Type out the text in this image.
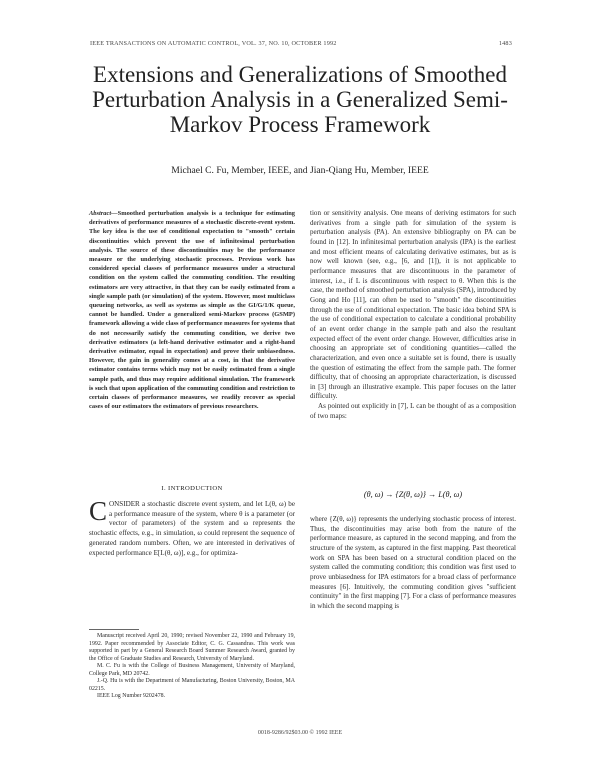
IEEE TRANSACTIONS ON AUTOMATIC CONTROL, VOL. 37, NO. 10, OCTOBER 1992	1483
Extensions and Generalizations of Smoothed Perturbation Analysis in a Generalized Semi-Markov Process Framework
Michael C. Fu, Member, IEEE, and Jian-Qiang Hu, Member, IEEE
Abstract—Smoothed perturbation analysis is a technique for estimating derivatives of performance measures of a stochastic discrete-event system. The key idea is the use of conditional expectation to "smooth" certain discontinuities which prevent the use of infinitesimal perturbation analysis. The source of these discontinuities may be the performance measure or the underlying stochastic processes. Previous work has considered special classes of performance measures under a structural condition on the system called the commuting condition. The resulting estimators are very attractive, in that they can be easily estimated from a single sample path (or simulation) of the system. However, most multiclass queueing networks, as well as systems as simple as the GI/G/1/K queue, cannot be handled. Under a generalized semi-Markov process (GSMP) framework allowing a wide class of performance measures for systems that do not necessarily satisfy the commuting condition, we derive two derivative estimators (a left-hand derivative estimator and a right-hand derivative estimator, equal in expectation) and prove their unbiasedness. However, the gain in generality comes at a cost, in that the derivative estimator contains terms which may not be easily estimated from a single sample path, and thus may require additional simulation. The framework is such that upon application of the commuting condition and restriction to certain classes of performance measures, we readily recover as special cases of our estimators the estimators of previous researchers.
I. INTRODUCTION
CONSIDER a stochastic discrete event system, and let L(θ, ω) be a performance measure of the system, where θ is a parameter (or vector of parameters) of the system and ω represents the stochastic effects, e.g., in simulation, ω could represent the sequence of generated random numbers. Often, we are interested in derivatives of expected performance E[L(θ, ω)], e.g., for optimiza-

Manuscript received April 20, 1990; revised November 22, 1990 and February 19, 1992. Paper recommended by Associate Editor, C. G. Cassandras. This work was supported in part by a General Research Board Summer Research Award, granted by the Office of Graduate Studies and Research, University of Maryland.

M. C. Fu is with the College of Business Management, University of Maryland, College Park, MD 20742.

J.-Q. Hu is with the Department of Manufacturing, Boston University, Boston, MA 02215.

IEEE Log Number 9202478.

tion or sensitivity analysis. One means of deriving estimators for such derivatives from a single path for simulation of the system is perturbation analysis (PA). An extensive bibliography on PA can be found in [12]. In infinitesimal perturbation analysis (IPA) is the earliest and most efficient means of calculating derivative estimates, but as is now well known (see, e.g., [6, and [1]), it is not applicable to performance measures that are discontinuous in the parameter of interest, i.e., if L is discontinuous with respect to θ. When this is the case, the method of smoothed perturbation analysis (SPA), introduced by Gong and Ho [11], can often be used to "smooth" the discontinuities through the use of conditional expectation. The basic idea behind SPA is the use of conditional expectation to calculate a conditional probability of an event order change in the sample path and also the resultant expected effect of the event order change. However, difficulties arise in choosing an appropriate set of conditioning quantities—called the characterization, and even once a suitable set is found, there is usually the question of estimating the effect from the sample path. The former difficulty, that of choosing an appropriate characterization, is discussed in [3] through an illustrative example. This paper focuses on the latter difficulty.

As pointed out explicitly in [7], L can be thought of as a composition of two maps:

(θ, ω) → {Z(θ, ω)} → L(θ, ω)
where {Z(θ, ω)} represents the underlying stochastic process of interest. Thus, the discontinuities may arise both from the nature of the performance measure, as captured in the second mapping, and from the structure of the system, as captured in the first mapping. Past theoretical work on SPA has been based on a structural condition placed on the system called the commuting condition; this condition was first used to prove unbiasedness for IPA estimators for a broad class of performance measures [6]. Intuitively, the commuting condition gives "sufficient continuity" in the first mapping [7]. For a class of performance measures in which the second mapping is
0018-9286/92$03.00 © 1992 IEEE
